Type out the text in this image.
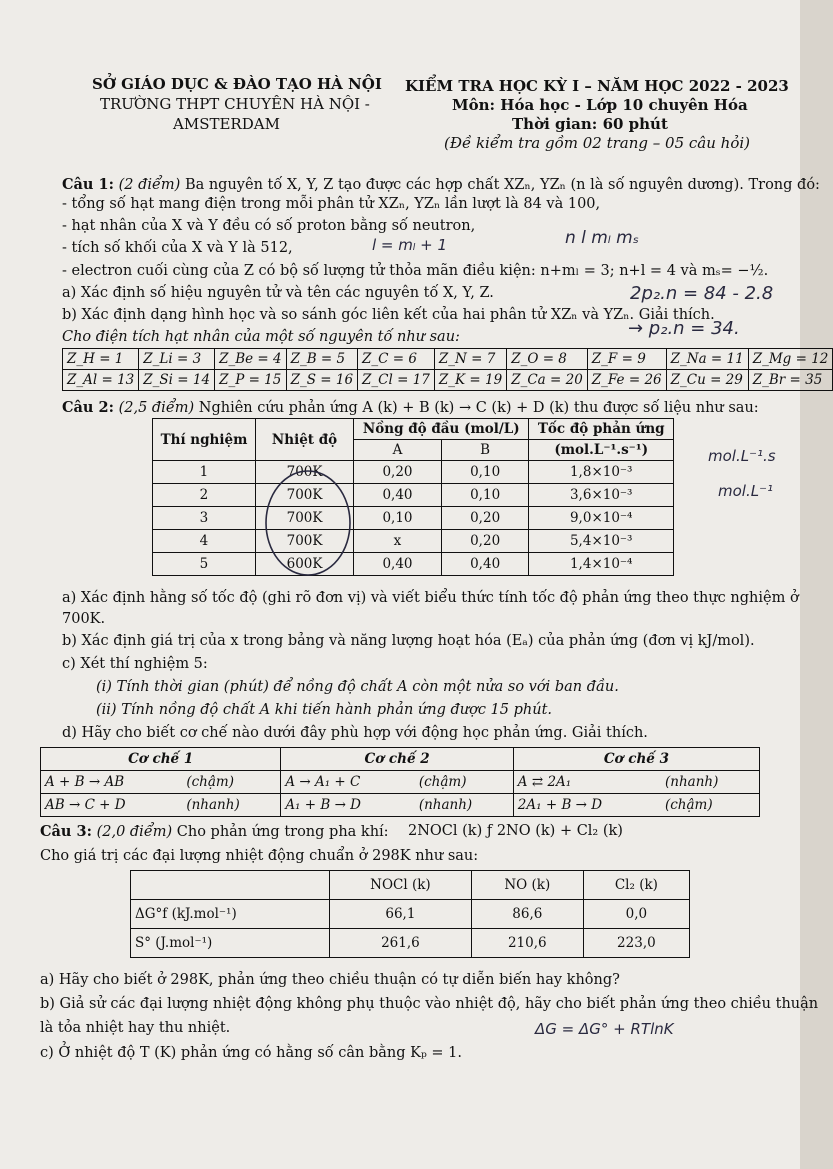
SỞ GIÁO DỤC & ĐÀO TẠO HÀ NỘI
TRƯỜNG THPT CHUYÊN HÀ NỘI -
AMSTERDAM
KIỂM TRA HỌC KỲ I – NĂM HỌC 2022 - 2023
Môn: Hóa học - Lớp 10 chuyên Hóa
Thời gian: 60 phút
(Đề kiểm tra gồm 02 trang – 05 câu hỏi)
Câu 1: (2 điểm) Ba nguyên tố X, Y, Z tạo được các hợp chất XZₙ, YZₙ (n là số nguyên dương). Trong đó:
- tổng số hạt mang điện trong mỗi phân tử XZₙ, YZₙ lần lượt là 84 và 100,
- hạt nhân của X và Y đều có số proton bằng số neutron,
- tích số khối của X và Y là 512,
- electron cuối cùng của Z có bộ số lượng tử thỏa mãn điều kiện: n+mₗ = 3; n+l = 4 và mₛ= −½.
a) Xác định số hiệu nguyên tử và tên các nguyên tố X, Y, Z.
b) Xác định dạng hình học và so sánh góc liên kết của hai phân tử XZₙ và YZₙ. Giải thích.
Cho điện tích hạt nhân của một số nguyên tố như sau:
Z_H = 1	Z_Li = 3	Z_Be = 4	Z_B = 5	Z_C = 6	Z_N = 7	Z_O = 8	Z_F = 9	Z_Na = 11	Z_Mg = 12
Z_Al = 13	Z_Si = 14	Z_P = 15	Z_S = 16	Z_Cl = 17	Z_K = 19	Z_Ca = 20	Z_Fe = 26	Z_Cu = 29	Z_Br = 35
Câu 2: (2,5 điểm) Nghiên cứu phản ứng A (k) + B (k) → C (k) + D (k) thu được số liệu như sau:
Thí nghiệm	Nhiệt độ	Nồng độ đầu (mol/L)		Tốc độ phản ứng
		A	B	(mol.L⁻¹.s⁻¹)
1	700K	0,20	0,10	1,8×10⁻³
2	700K	0,40	0,10	3,6×10⁻³
3	700K	0,10	0,20	9,0×10⁻⁴
4	700K	x	0,20	5,4×10⁻³
5	600K	0,40	0,40	1,4×10⁻⁴
a) Xác định hằng số tốc độ (ghi rõ đơn vị) và viết biểu thức tính tốc độ phản ứng theo thực nghiệm ở
700K.
b) Xác định giá trị của x trong bảng và năng lượng hoạt hóa (Eₐ) của phản ứng (đơn vị kJ/mol).
c) Xét thí nghiệm 5:
(i) Tính thời gian (phút) để nồng độ chất A còn một nửa so với ban đầu.
(ii) Tính nồng độ chất A khi tiến hành phản ứng được 15 phút.
d) Hãy cho biết cơ chế nào dưới đây phù hợp với động học phản ứng. Giải thích.
Cơ chế 1		Cơ chế 2		Cơ chế 3	
A + B → AB	(chậm)	A → A₁ + C	(chậm)	A ⇄ 2A₁	(nhanh)
AB → C + D	(nhanh)	A₁ + B → D	(nhanh)	2A₁ + B → D	(chậm)
Câu 3: (2,0 điểm) Cho phản ứng trong pha khí: 2NOCl (k) ƒ 2NO (k) + Cl₂ (k)
Cho giá trị các đại lượng nhiệt động chuẩn ở 298K như sau:
	NOCl (k)	NO (k)	Cl₂ (k)
ΔG°f (kJ.mol⁻¹)	66,1	86,6	0,0
S° (J.mol⁻¹)	261,6	210,6	223,0
a) Hãy cho biết ở 298K, phản ứng theo chiều thuận có tự diễn biến hay không?
b) Giả sử các đại lượng nhiệt động không phụ thuộc vào nhiệt độ, hãy cho biết phản ứng theo chiều thuận
là tỏa nhiệt hay thu nhiệt.
c) Ở nhiệt độ T (K) phản ứng có hằng số cân bằng Kₚ = 1.
n l mₗ mₛ
l = mₗ + 1
2p₂.n = 84 - 2.8
→ p₂.n = 34.
mol.L⁻¹.s
mol.L⁻¹
ΔG = ΔG° + RTlnK
